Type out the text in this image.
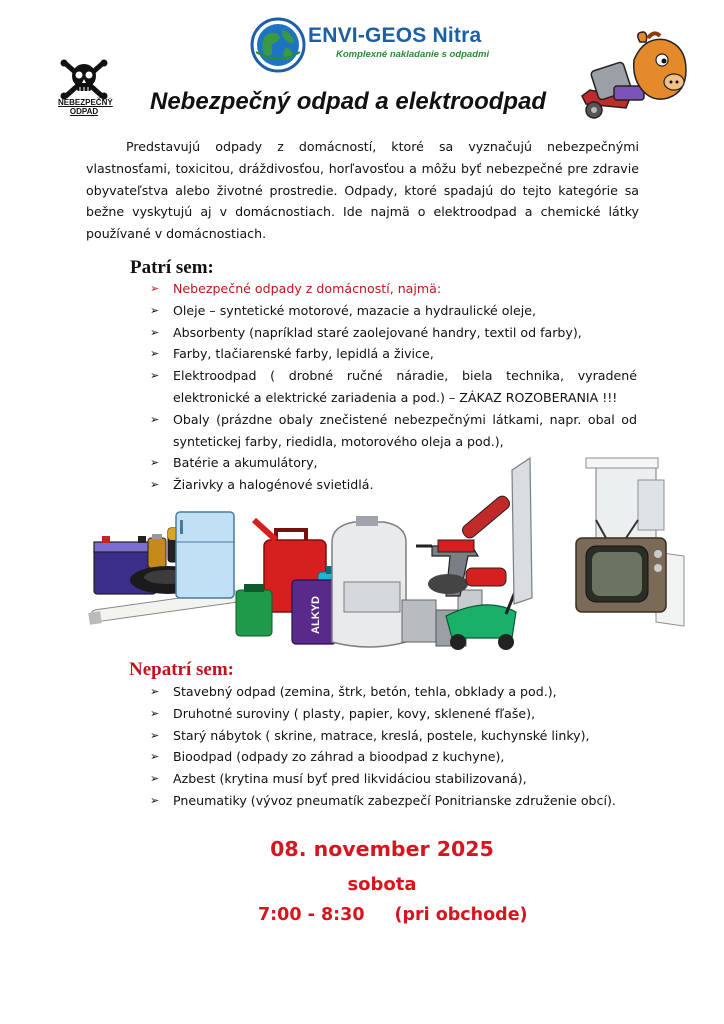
ENVI-GEOS Nitra
Komplexné nakladanie s odpadmi
NEBEZPEČNÝ ODPAD	Nebezpečný odpad a elektroodpad

Predstavujú odpady z domácností, ktoré sa vyznačujú nebezpečnými vlastnosťami, toxicitou, dráždivosťou, horľavosťou a môžu byť nebezpečné pre zdravie obyvateľstva alebo životné prostredie. Odpady, ktoré spadajú do tejto kategórie sa bežne vyskytujú aj v domácnostiach. Ide najmä o elektroodpad a chemické látky používané v domácnostiach.

Patrí sem:
➢ Nebezpečné odpady z domácností, najmä:
➢ Oleje – syntetické motorové, mazacie a hydraulické oleje,
➢ Absorbenty (napríklad staré zaolejované handry, textil od farby),
➢ Farby, tlačiarenské farby, lepidlá a živice,
➢ Elektroodpad ( drobné ručné náradie, biela technika, vyradené elektronické a elektrické zariadenia a pod.) – ZÁKAZ ROZOBERANIA !!!
➢ Obaly (prázdne obaly znečistené nebezpečnými látkami, napr. obal od syntetickej farby, riedidla, motorového oleja a pod.),
➢ Batérie a akumulátory,
➢ Žiarivky a halogénové svietidlá.
ALKYD
Nepatrí sem:
➢ Stavebný odpad (zemina, štrk, betón, tehla, obklady a pod.),
➢ Druhotné suroviny ( plasty, papier, kovy, sklenené fľaše),
➢ Starý nábytok ( skrine, matrace, kreslá, postele, kuchynské linky),
➢ Bioodpad (odpady zo záhrad a bioodpad z kuchyne),
➢ Azbest (krytina musí byť pred likvidáciou stabilizovaná),
➢ Pneumatiky (vývoz pneumatík zabezpečí Ponitrianske združenie obcí).
08. november 2025
sobota
7:00 - 8:30 (pri obchode)
